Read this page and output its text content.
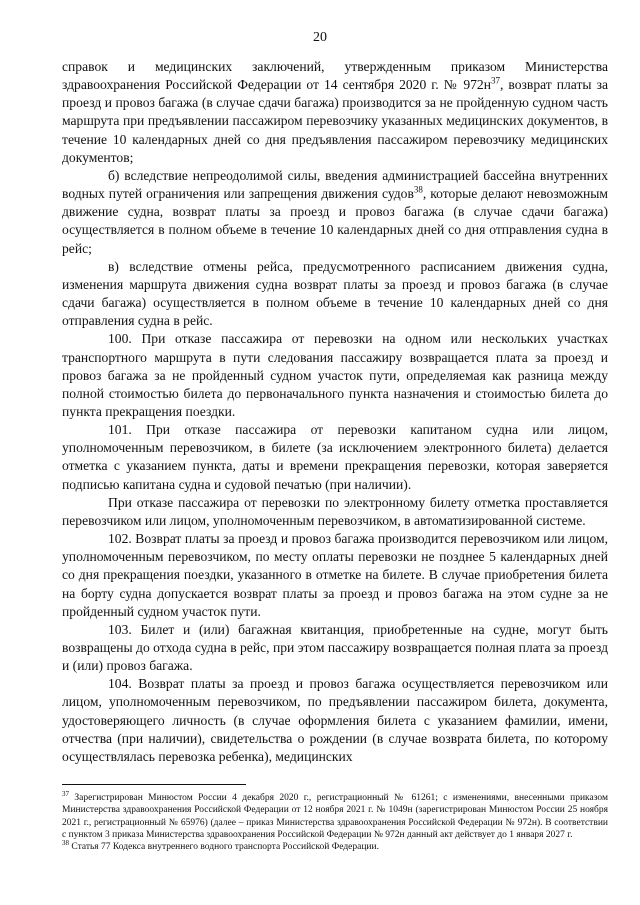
20

справок и медицинских заключений, утвержденным приказом Министерства здравоохранения Российской Федерации от 14 сентября 2020 г. № $972н^{37}$, возврат платы за проезд и провоз багажа (в случае сдачи багажа) производится за не пройденную судном часть маршрута при предъявлении пассажиром перевозчику указанных медицинских документов, в течение 10 календарных дней со дня предъявления пассажиром перевозчику медицинских документов;

б) вследствие непреодолимой силы, введения администрацией бассейна внутренних водных путей ограничения или запрещения движения судов$^{38}$, которые делают невозможным движение судна, возврат платы за проезд и провоз багажа (в случае сдачи багажа) осуществляется в полном объеме в течение 10 календарных дней со дня отправления судна в рейс;

в) вследствие отмены рейса, предусмотренного расписанием движения судна, изменения маршрута движения судна возврат платы за проезд и провоз багажа (в случае сдачи багажа) осуществляется в полном объеме в течение 10 календарных дней со дня отправления судна в рейс.

100. При отказе пассажира от перевозки на одном или нескольких участках транспортного маршрута в пути следования пассажиру возвращается плата за проезд и провоз багажа за не пройденный судном участок пути, определяемая как разница между полной стоимостью билета до первоначального пункта назначения и стоимостью билета до пункта прекращения поездки.

101. При отказе пассажира от перевозки капитаном судна или лицом, уполномоченным перевозчиком, в билете (за исключением электронного билета) делается отметка с указанием пункта, даты и времени прекращения перевозки, которая заверяется подписью капитана судна и судовой печатью (при наличии).

При отказе пассажира от перевозки по электронному билету отметка проставляется перевозчиком или лицом, уполномоченным перевозчиком, в автоматизированной системе.

102. Возврат платы за проезд и провоз багажа производится перевозчиком или лицом, уполномоченным перевозчиком, по месту оплаты перевозки не позднее 5 календарных дней со дня прекращения поездки, указанного в отметке на билете. В случае приобретения билета на борту судна допускается возврат платы за проезд и провоз багажа на этом судне за не пройденный судном участок пути.

103. Билет и (или) багажная квитанция, приобретенные на судне, могут быть возвращены до отхода судна в рейс, при этом пассажиру возвращается полная плата за проезд и (или) провоз багажа.

104. Возврат платы за проезд и провоз багажа осуществляется перевозчиком или лицом, уполномоченным перевозчиком, по предъявлении пассажиром билета, документа, удостоверяющего личность (в случае оформления билета с указанием фамилии, имени, отчества (при наличии), свидетельства о рождении (в случае возврата билета, по которому осуществлялась перевозка ребенка), медицинских

$^{37}$ Зарегистрирован Минюстом России 4 декабря 2020 г., регистрационный № 61261; с изменениями, внесенными приказом Министерства здравоохранения Российской Федерации от 12 ноября 2021 г. № 1049н (зарегистрирован Минюстом России 25 ноября 2021 г., регистрационный № 65976) (далее – приказ Министерства здравоохранения Российской Федерации № 972н). В соответствии с пунктом 3 приказа Министерства здравоохранения Российской Федерации № 972н данный акт действует до 1 января 2027 г.

$^{38}$ Статья 77 Кодекса внутреннего водного транспорта Российской Федерации.
